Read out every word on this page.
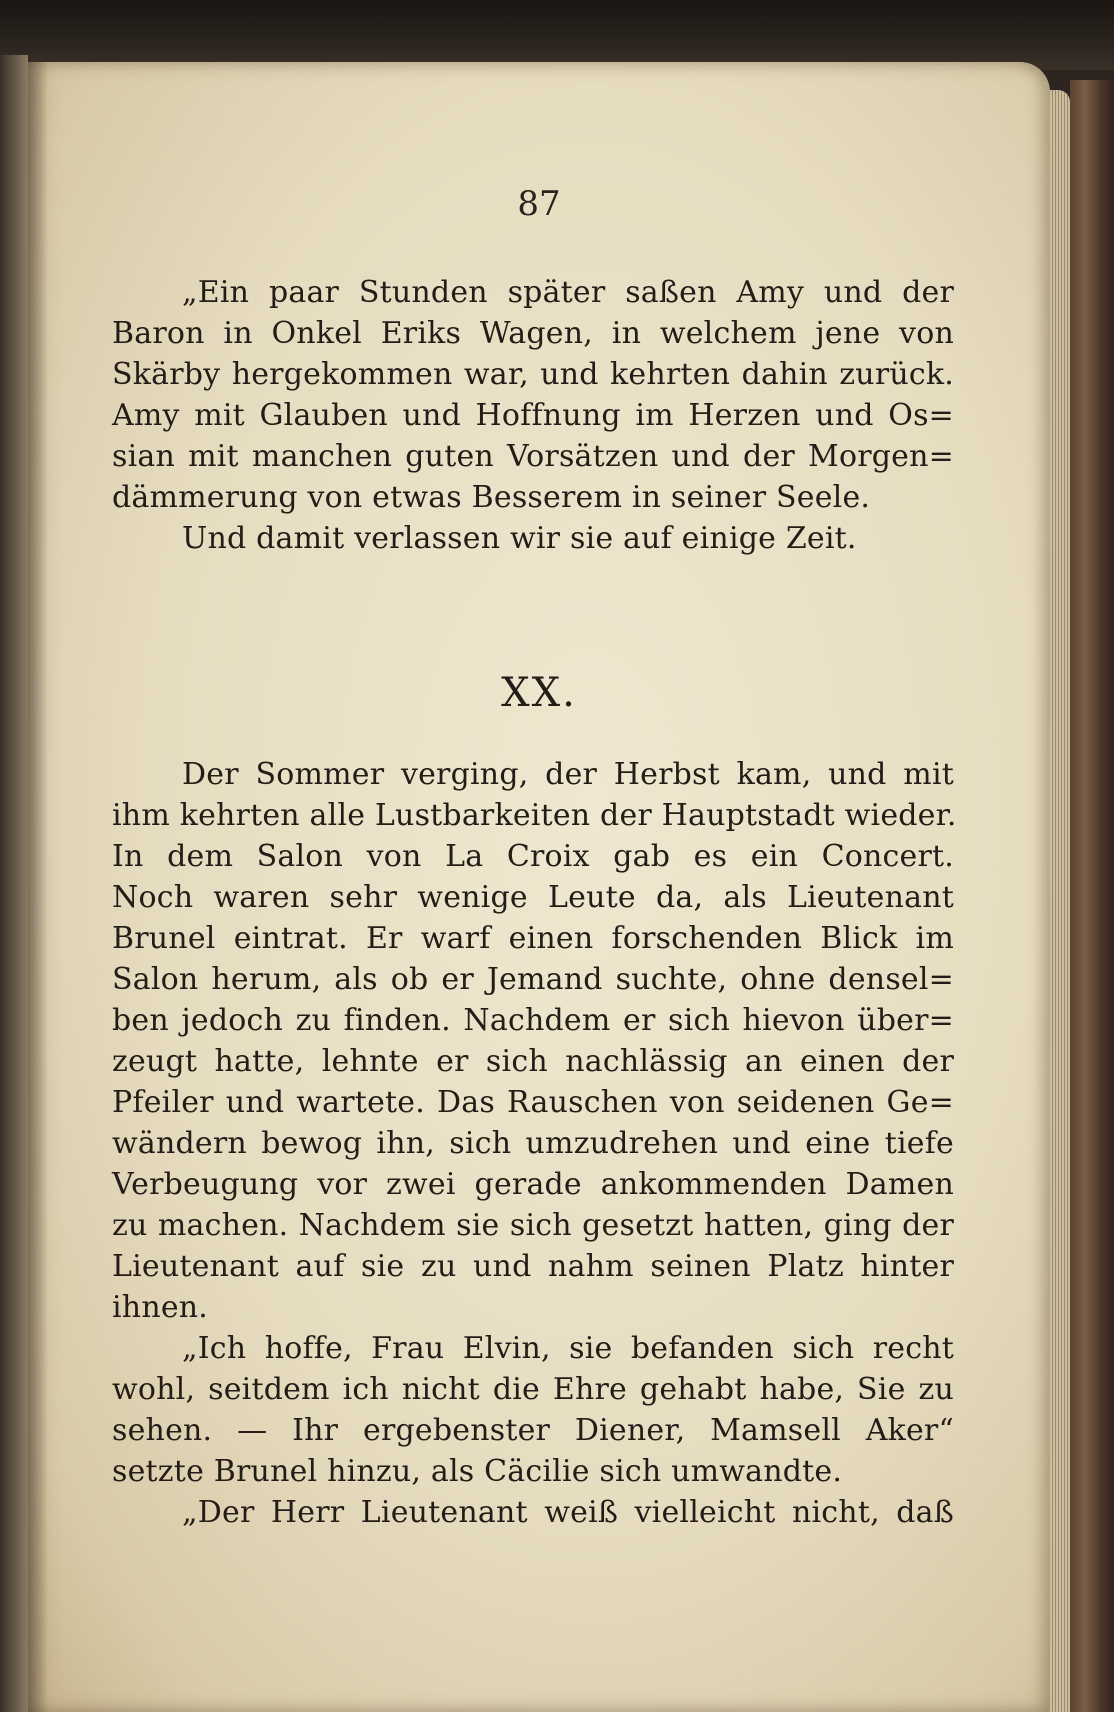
87
„Ein paar Stunden später saßen Amy und der
Baron in Onkel Eriks Wagen, in welchem jene von
Skärby hergekommen war, und kehrten dahin zurück.
Amy mit Glauben und Hoffnung im Herzen und Os=
sian mit manchen guten Vorsätzen und der Morgen=
dämmerung von etwas Besserem in seiner Seele.
Und damit verlassen wir sie auf einige Zeit.
XX.
Der Sommer verging, der Herbst kam, und mit
ihm kehrten alle Lustbarkeiten der Hauptstadt wieder.
In dem Salon von La Croix gab es ein Concert.
Noch waren sehr wenige Leute da, als Lieutenant
Brunel eintrat. Er warf einen forschenden Blick im
Salon herum, als ob er Jemand suchte, ohne densel=
ben jedoch zu finden. Nachdem er sich hievon über=
zeugt hatte, lehnte er sich nachlässig an einen der
Pfeiler und wartete. Das Rauschen von seidenen Ge=
wändern bewog ihn, sich umzudrehen und eine tiefe
Verbeugung vor zwei gerade ankommenden Damen
zu machen. Nachdem sie sich gesetzt hatten, ging der
Lieutenant auf sie zu und nahm seinen Platz hinter
ihnen.
„Ich hoffe, Frau Elvin, sie befanden sich recht
wohl, seitdem ich nicht die Ehre gehabt habe, Sie zu
sehen. — Ihr ergebenster Diener, Mamsell Aker“
setzte Brunel hinzu, als Cäcilie sich umwandte.
„Der Herr Lieutenant weiß vielleicht nicht, daß
